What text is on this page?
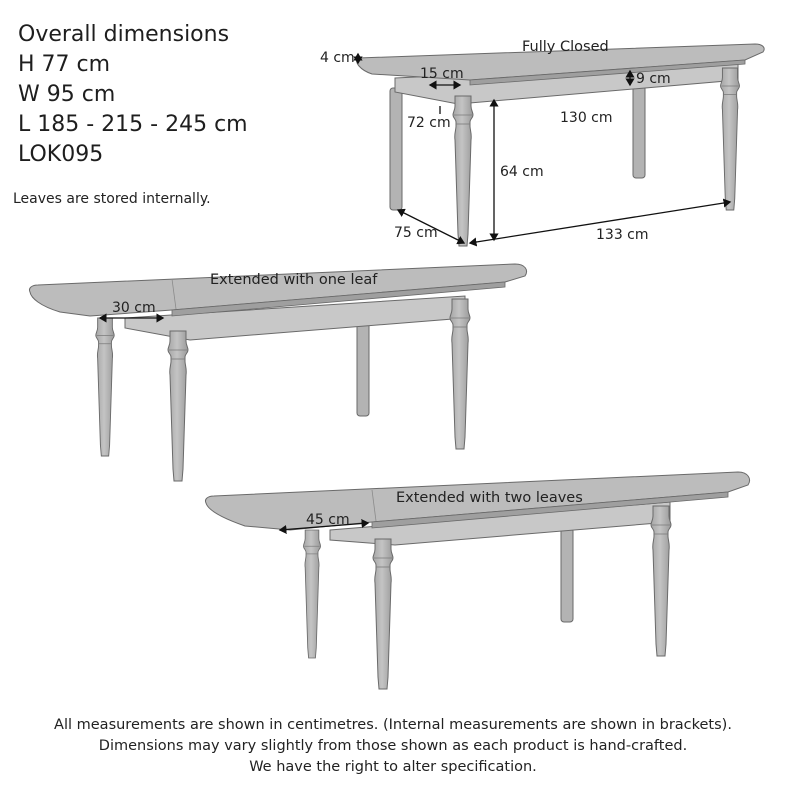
Overall dimensions
H 77 cm
W 95 cm
L 185 - 215 - 245 cm
LOK095
Leaves are stored internally.
Fully Closed
4 cm
15 cm	9 cm
72 cm	130 cm
64 cm
75 cm	133 cm
Extended with one leaf
30 cm
Extended with two leaves
45 cm
All measurements are shown in centimetres. (Internal measurements are shown in brackets).
Dimensions may vary slightly from those shown as each product is hand-crafted.
We have the right to alter specification.
